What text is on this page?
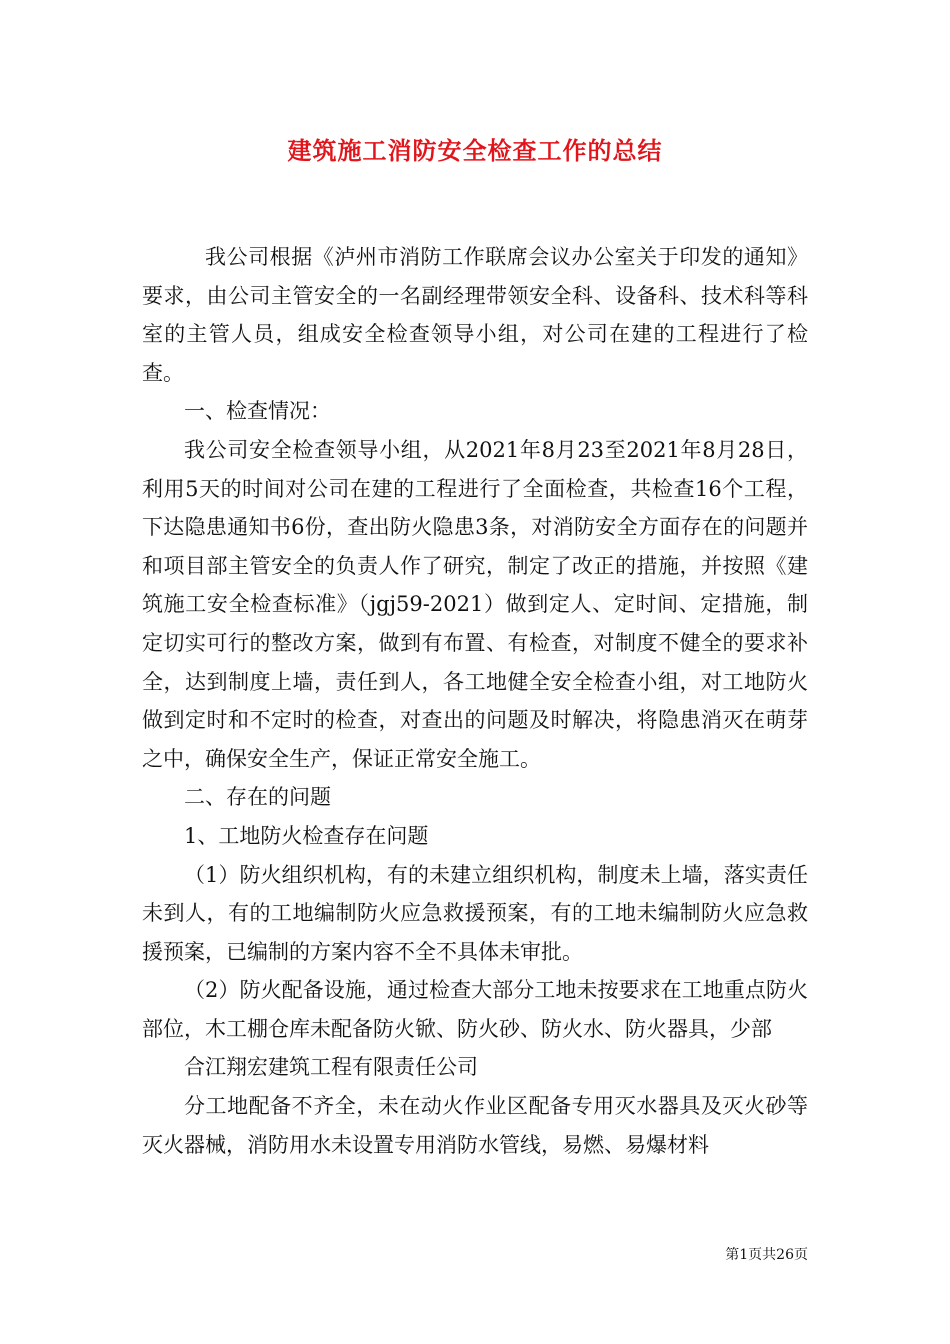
建筑施工消防安全检查工作的总结

我公司根据《泸州市消防工作联席会议办公室关于印发的通知》要求，由公司主管安全的一名副经理带领安全科、设备科、技术科等科室的主管人员，组成安全检查领导小组，对公司在建的工程进行了检查。

一、检查情况：

我公司安全检查领导小组，从2021年8月23至2021年8月28日，利用5天的时间对公司在建的工程进行了全面检查，共检查16个工程，下达隐患通知书6份，查出防火隐患3条，对消防安全方面存在的问题并和项目部主管安全的负责人作了研究，制定了改正的措施，并按照《建筑施工安全检查标准》（jgj59-2021）做到定人、定时间、定措施，制定切实可行的整改方案，做到有布置、有检查，对制度不健全的要求补全，达到制度上墙，责任到人，各工地健全安全检查小组，对工地防火做到定时和不定时的检查，对查出的问题及时解决，将隐患消灭在萌芽之中，确保安全生产，保证正常安全施工。

二、存在的问题

1、工地防火检查存在问题

（1）防火组织机构，有的未建立组织机构，制度未上墙，落实责任未到人，有的工地编制防火应急救援预案，有的工地未编制防火应急救援预案，已编制的方案内容不全不具体未审批。

（2）防火配备设施，通过检查大部分工地未按要求在工地重点防火部位，木工棚仓库未配备防火锨、防火砂、防火水、防火器具，少部

合江翔宏建筑工程有限责任公司

分工地配备不齐全，未在动火作业区配备专用灭水器具及灭火砂等灭火器械，消防用水未设置专用消防水管线，易燃、易爆材料

第1页共26页
